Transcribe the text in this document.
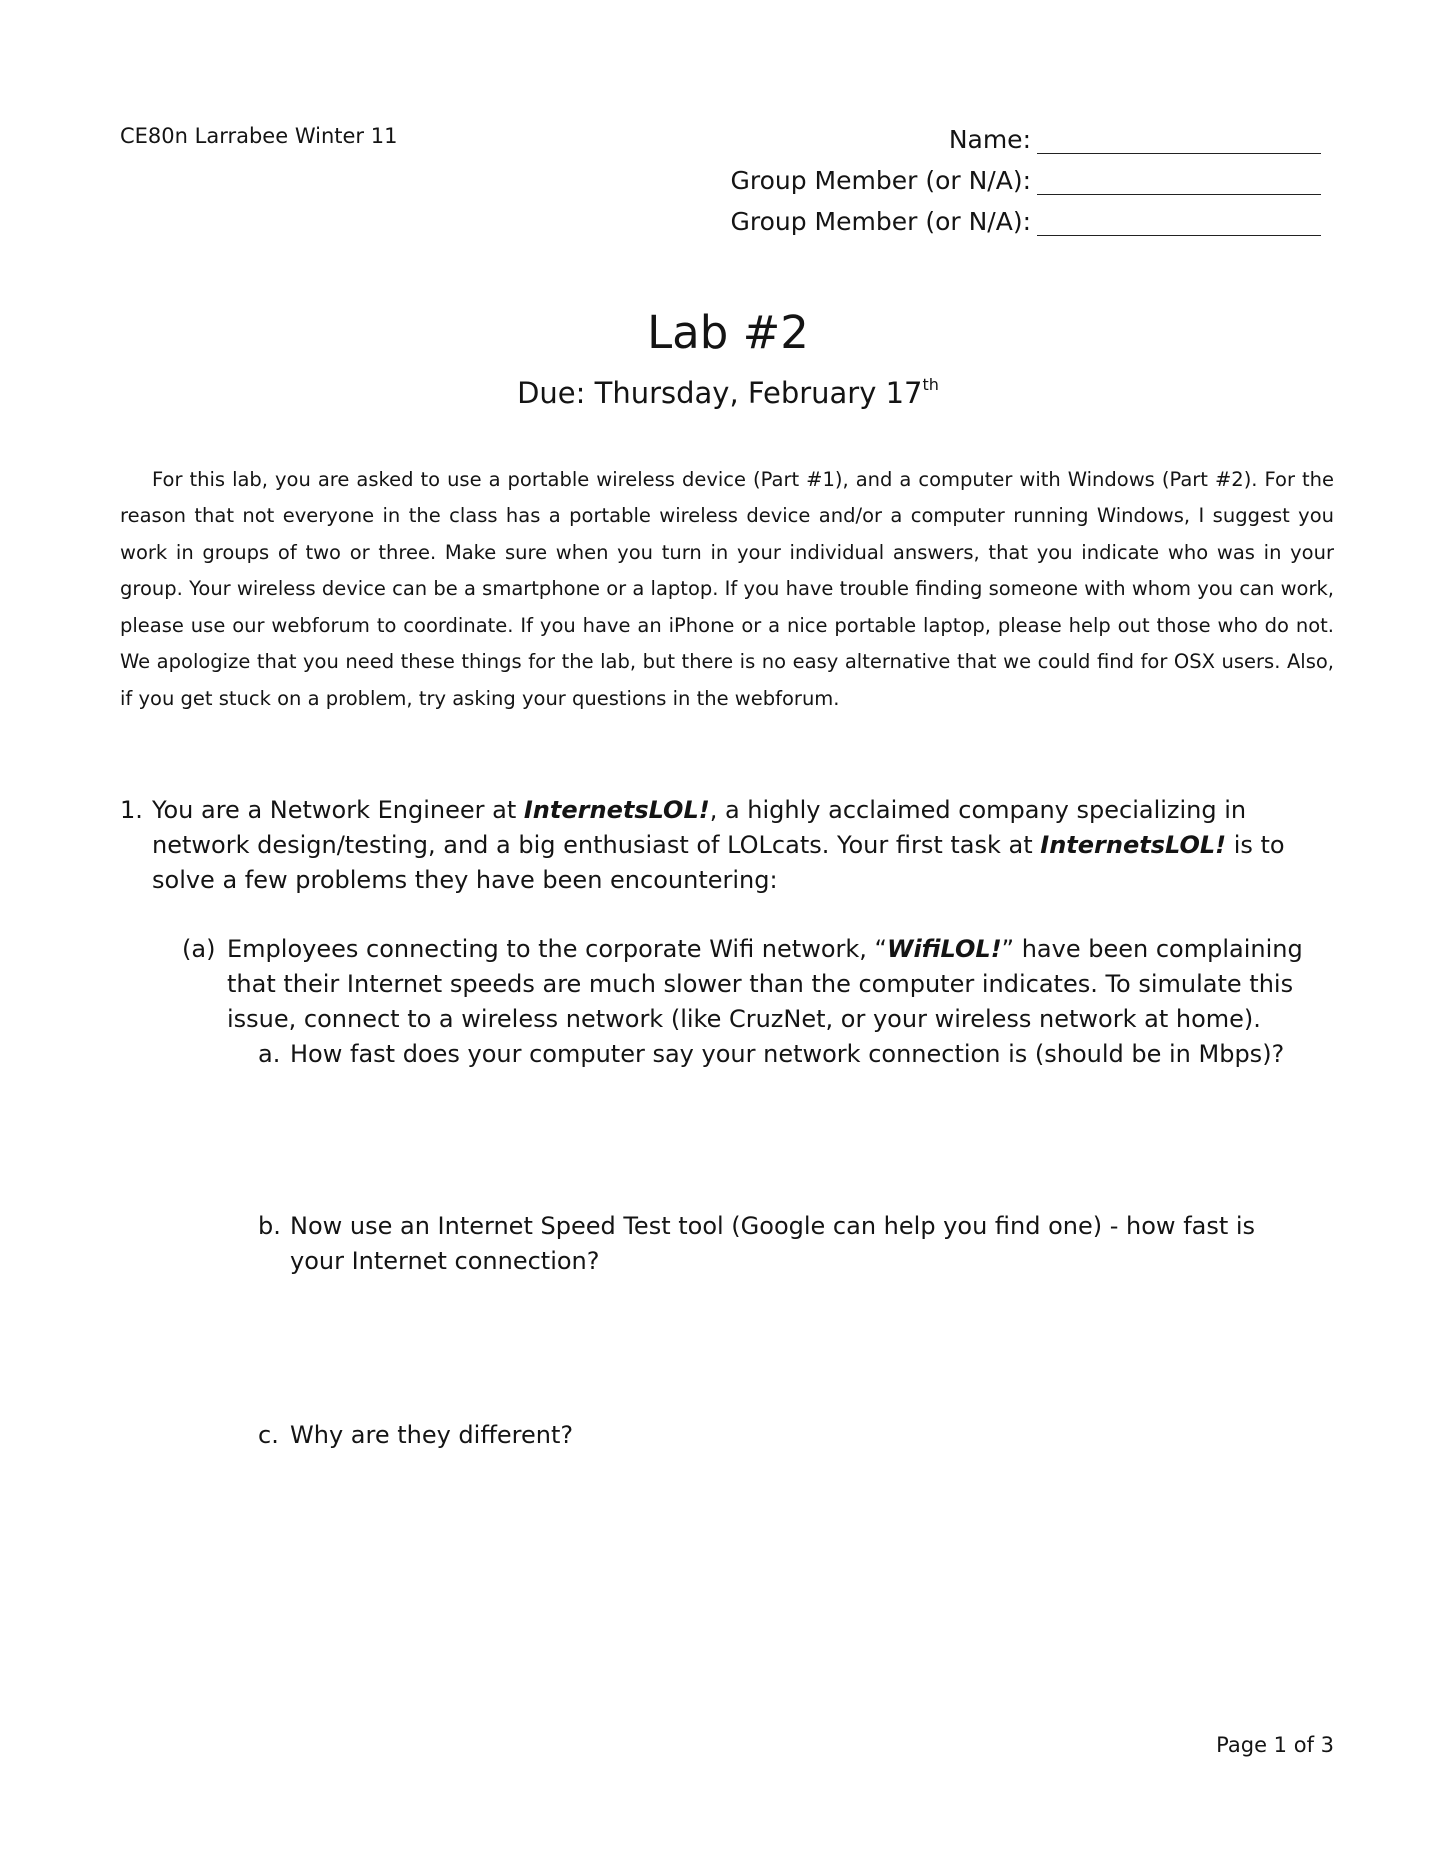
CE80n Larrabee Winter 11	Name:
Group Member (or N/A):
Group Member (or N/A):
Lab #2
Due: Thursday, February 17th

For this lab, you are asked to use a portable wireless device (Part #1), and a computer with Windows (Part #2). For the reason that not everyone in the class has a portable wireless device and/or a computer running Windows, I suggest you work in groups of two or three. Make sure when you turn in your individual answers, that you indicate who was in your group. Your wireless device can be a smartphone or a laptop. If you have trouble finding someone with whom you can work, please use our webforum to coordinate. If you have an iPhone or a nice portable laptop, please help out those who do not. We apologize that you need these things for the lab, but there is no easy alternative that we could find for OSX users. Also, if you get stuck on a problem, try asking your questions in the webforum.

1. You are a Network Engineer at InternetsLOL!, a highly acclaimed company specializing in network design/testing, and a big enthusiast of LOLcats. Your first task at InternetsLOL! is to solve a few problems they have been encountering:
(a) Employees connecting to the corporate Wifi network, “WifiLOL!” have been complaining that their Internet speeds are much slower than the computer indicates. To simulate this issue, connect to a wireless network (like CruzNet, or your wireless network at home).
a. How fast does your computer say your network connection is (should be in Mbps)?
b. Now use an Internet Speed Test tool (Google can help you find one) - how fast is your Internet connection?
c. Why are they different?
Page 1 of 3
